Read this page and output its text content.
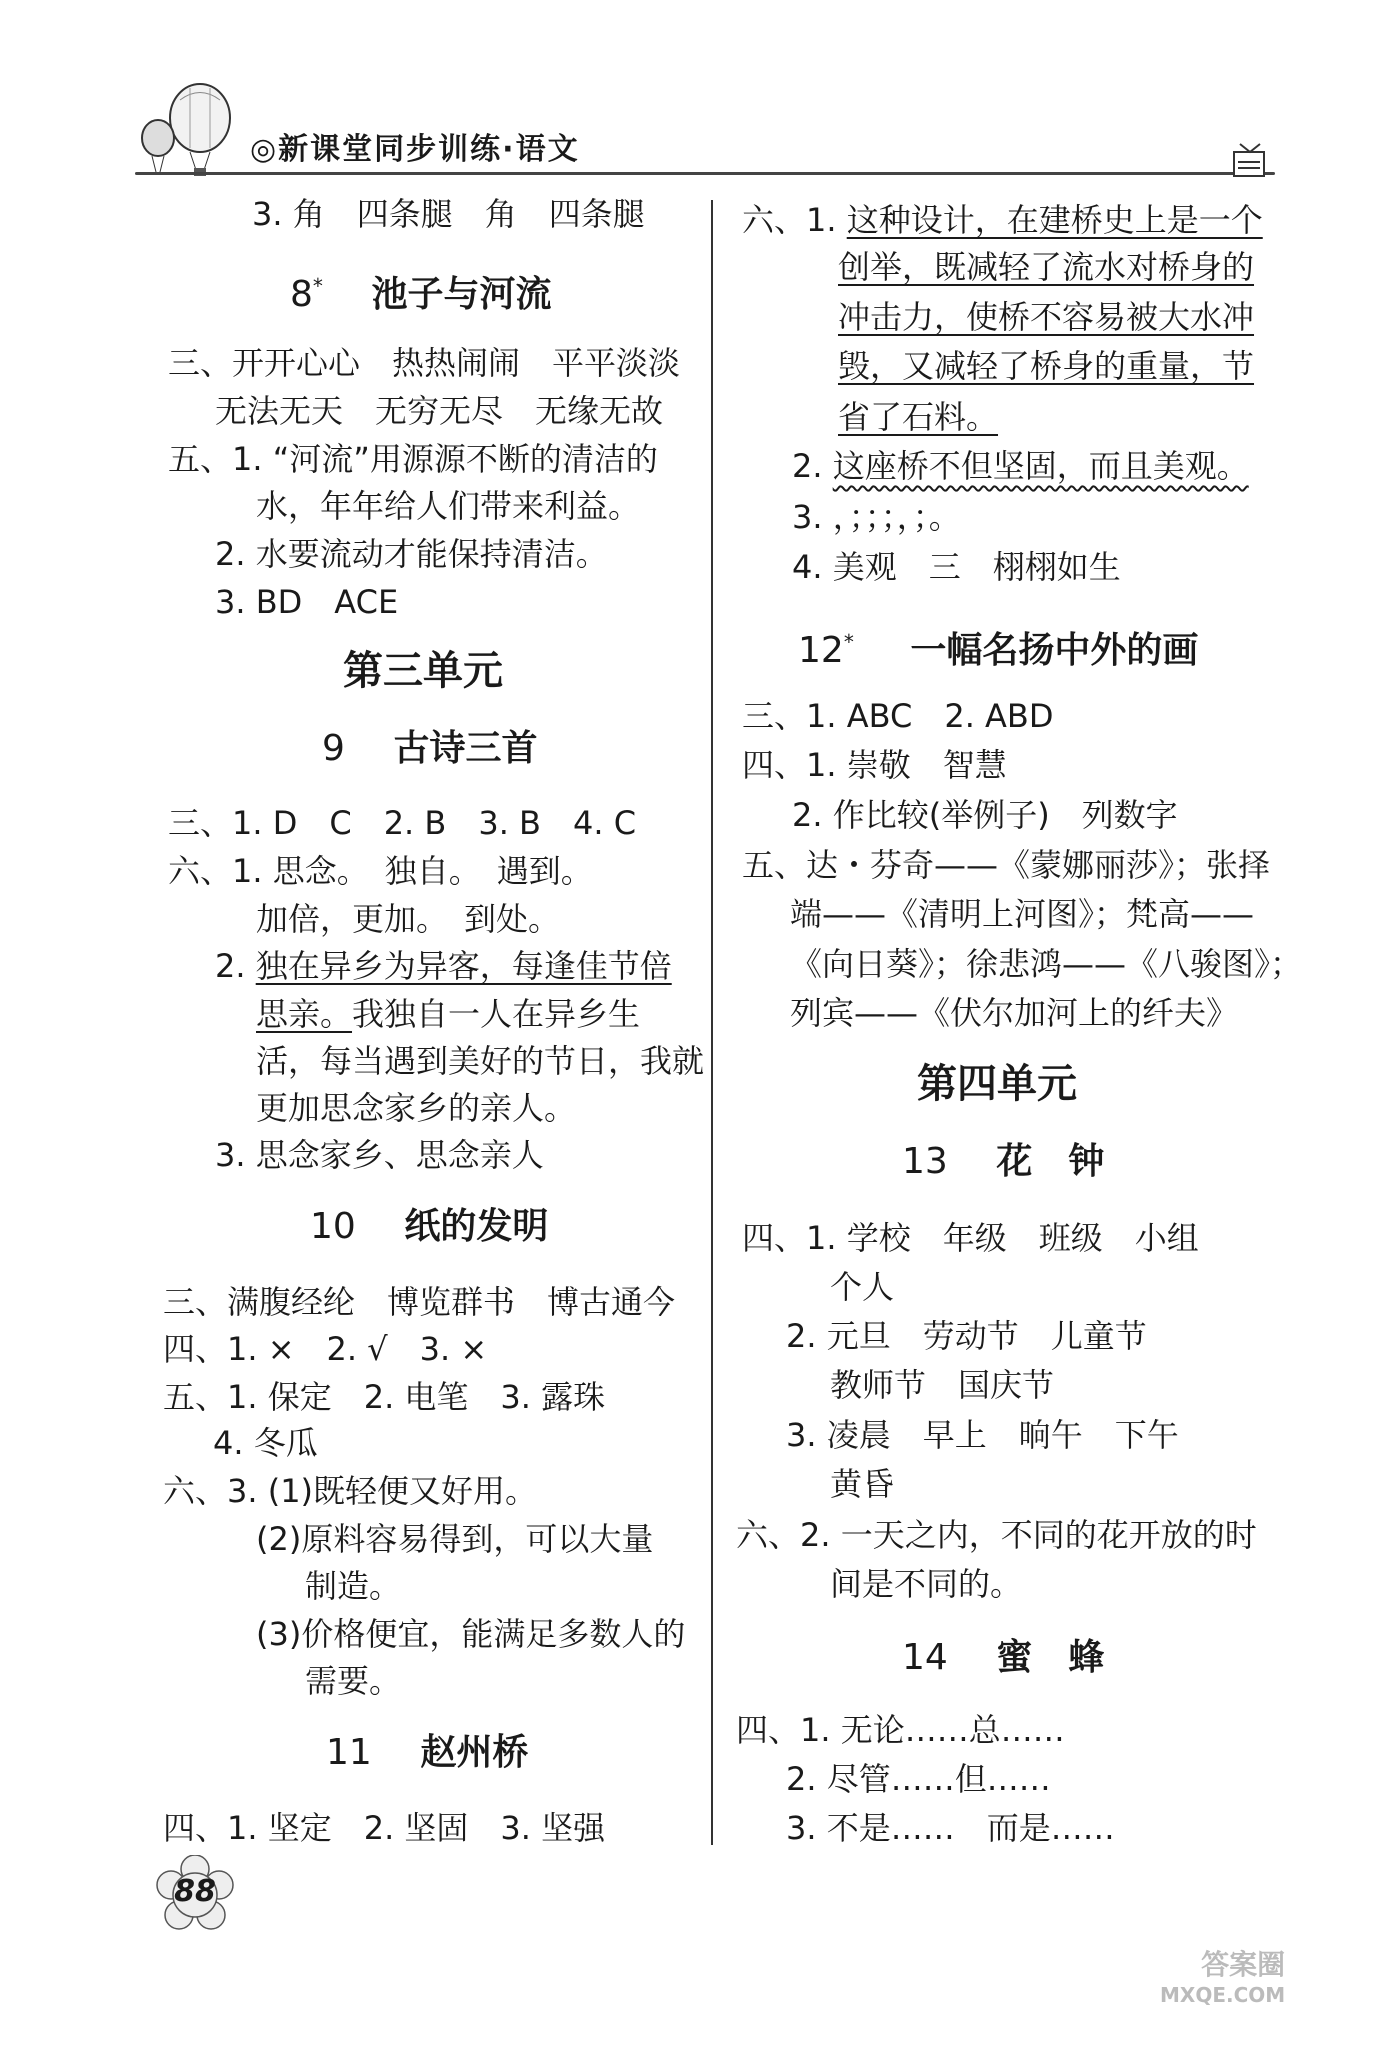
◎新课堂同步训练·语文
3. 角　四条腿　角　四条腿
8* 池子与河流
三、开开心心　热热闹闹　平平淡淡
无法无天　无穷无尽　无缘无故
五、1. “河流”用源源不断的清洁的
水，年年给人们带来利益。
2. 水要流动才能保持清洁。
3. BD　ACE
第三单元
9 古诗三首
三、1. D　C　2. B　3. B　4. C
六、1. 思念。　独自。　遇到。
加倍，更加。　到处。
2. 独在异乡为异客，每逢佳节倍
思亲。我独自一人在异乡生
活，每当遇到美好的节日，我就
更加思念家乡的亲人。
3. 思念家乡、思念亲人
10 纸的发明
三、满腹经纶　博览群书　博古通今
四、1. ×　2. √　3. ×
五、1. 保定　2. 电笔　3. 露珠
4. 冬瓜
六、3. (1)既轻便又好用。
(2)原料容易得到，可以大量
制造。
(3)价格便宜，能满足多数人的
需要。
11 赵州桥
四、1. 坚定　2. 坚固　3. 坚强
六、1. 这种设计，在建桥史上是一个
创举，既减轻了流水对桥身的
冲击力，使桥不容易被大水冲
毁，又减轻了桥身的重量，节
省了石料。
2. 这座桥不但坚固，而且美观。
3. ，；；；，；。
4. 美观　三　栩栩如生
12* 一幅名扬中外的画
三、1. ABC　2. ABD
四、1. 崇敬　智慧
2. 作比较(举例子)　列数字
五、达・芬奇——《蒙娜丽莎》；张择
端——《清明上河图》；梵高——
《向日葵》；徐悲鸿——《八骏图》；
列宾——《伏尔加河上的纤夫》
第四单元
13 花　钟
四、1. 学校　年级　班级　小组
个人
2. 元旦　劳动节　儿童节
教师节　国庆节
3. 凌晨　早上　晌午　下午
黄昏
六、2. 一天之内，不同的花开放的时
间是不同的。
14 蜜　蜂
四、1. 无论……总……
2. 尽管……但……
3. 不是……　而是……
88
答案圈
MXQE.COM
